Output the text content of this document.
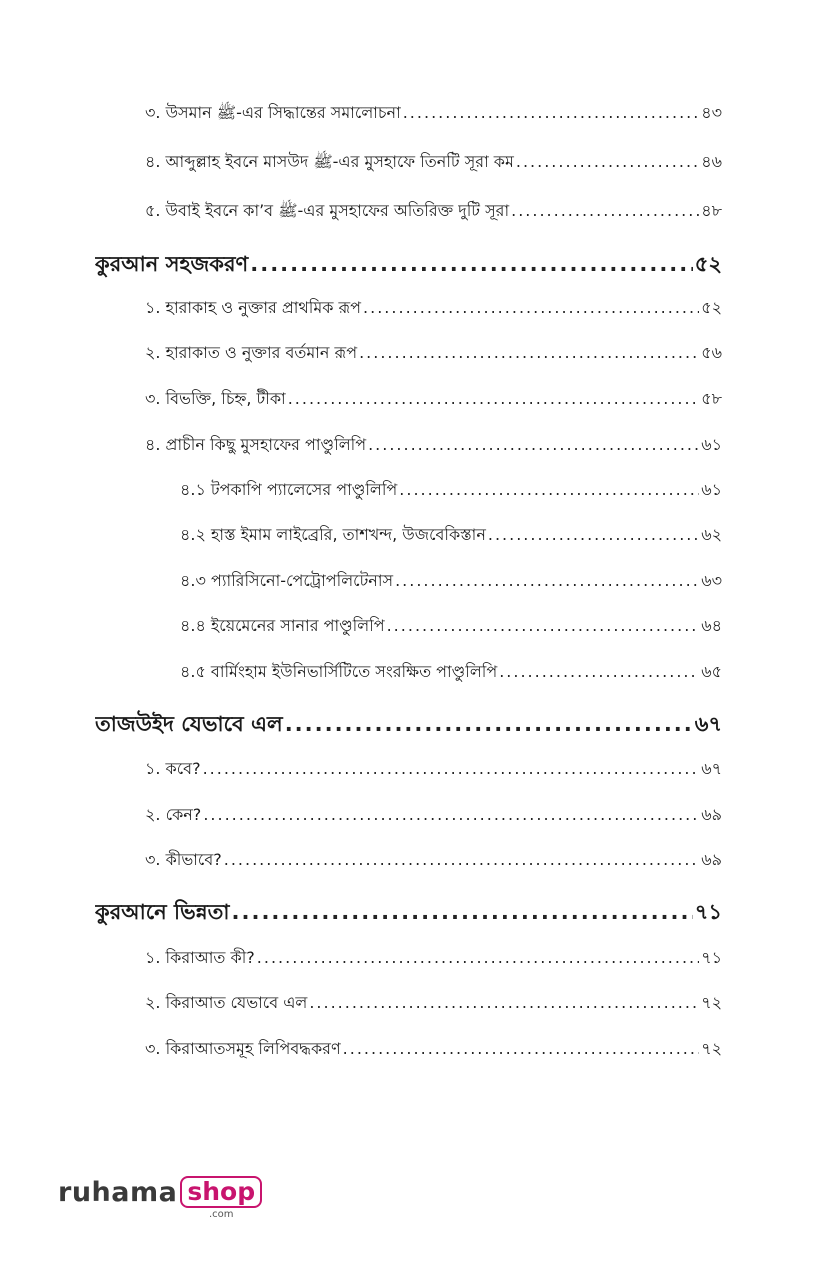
৩. উসমান ﷺ-এর সিদ্ধান্তের সমালোচনা .....	৪৩
৪. আব্দুল্লাহ ইবনে মাসউদ ﷺ-এর মুসহাফে তিনটি সূরা কম .....	৪৬
৫. উবাই ইবনে কা’ব ﷺ-এর মুসহাফের অতিরিক্ত দুটি সূরা .....	৪৮
কুরআন সহজকরণ .....	৫২
১. হারাকাহ ও নুক্তার প্রাথমিক রূপ .....	৫২
২. হারাকাত ও নুক্তার বর্তমান রূপ .....	৫৬
৩. বিভক্তি, চিহ্ন, টীকা .....	৫৮
৪. প্রাচীন কিছু মুসহাফের পাণ্ডুলিপি .....	৬১
৪.১ টপকাপি প্যালেসের পাণ্ডুলিপি .....	৬১
৪.২ হাস্ত ইমাম লাইব্রেরি, তাশখন্দ, উজবেকিস্তান .....	৬২
৪.৩ প্যারিসিনো-পেট্রোপলিটেনাস .....	৬৩
৪.৪ ইয়েমেনের সানার পাণ্ডুলিপি .....	৬৪
৪.৫ বার্মিংহাম ইউনিভার্সিটিতে সংরক্ষিত পাণ্ডুলিপি .....	৬৫
তাজউইদ যেভাবে এল .....	৬৭
১. কবে? .....	৬৭
২. কেন? .....	৬৯
৩. কীভাবে? .....	৬৯
কুরআনে ভিন্নতা .....	৭১
১. কিরাআত কী? .....	৭১
২. কিরাআত যেভাবে এল .....	৭২
৩. কিরাআতসমূহ লিপিবদ্ধকরণ .....	৭২
ruhama shop
.com
